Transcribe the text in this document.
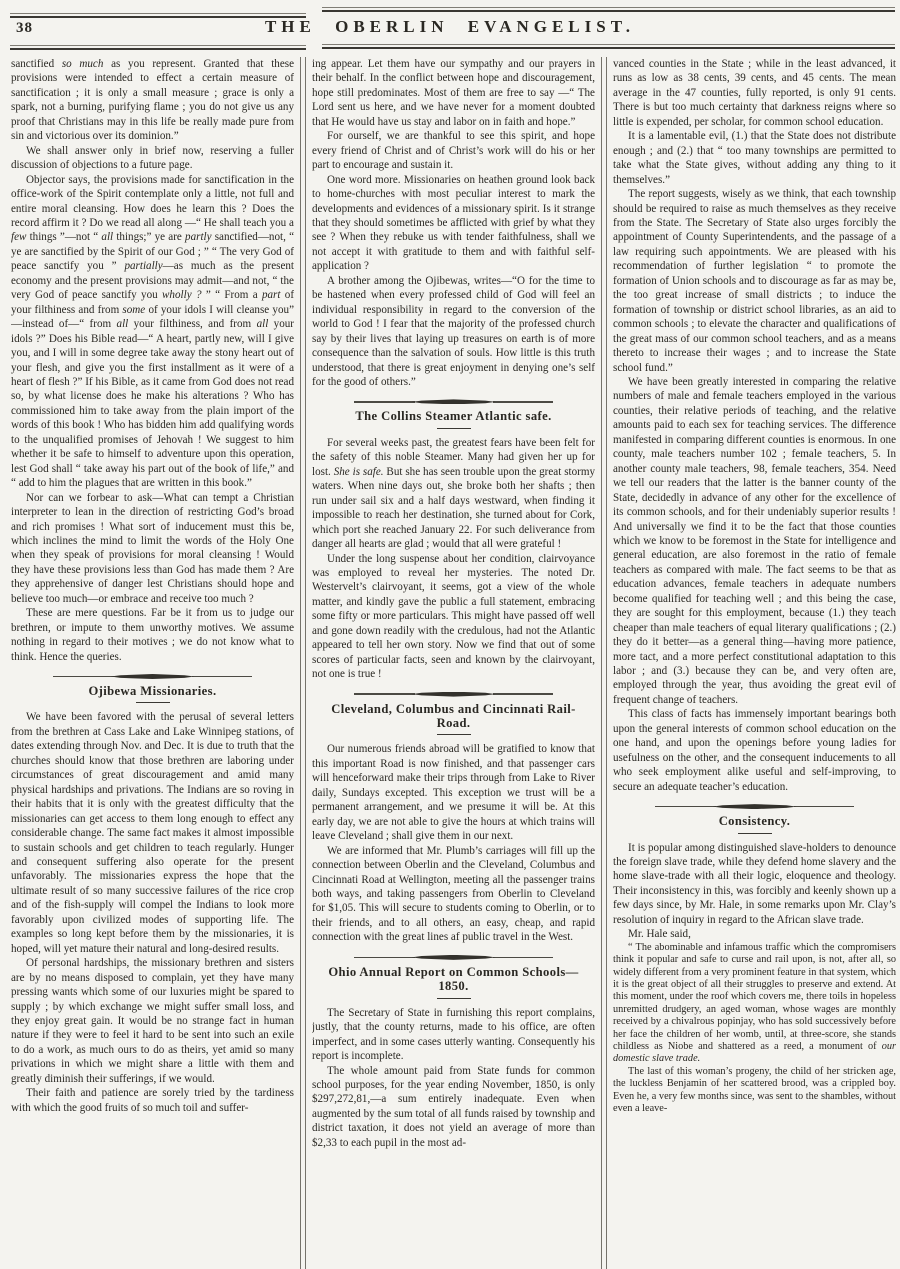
38	THE OBERLIN EVANGELIST.

sanctified so much as you represent. Granted that these provisions were intended to effect a certain measure of sanctification ; it is only a small measure ; grace is only a spark, not a burning, purifying flame ; you do not give us any proof that Christians may in this life be really made pure from sin and victorious over its dominion.”

We shall answer only in brief now, reserving a fuller discussion of objections to a future page.

Objector says, the provisions made for sanctification in the office-work of the Spirit contemplate only a little, not full and entire moral cleansing. How does he learn this ? Does the record affirm it ? Do we read all along —“ He shall teach you a few things ”—not “ all things;” ye are partly sanctified—not, “ ye are sanctified by the Spirit of our God ; ” “ The very God of peace sanctify you ” partially—as much as the present economy and the present provisions may admit—and not, “ the very God of peace sanctify you wholly ? ” “ From a part of your filthiness and from some of your idols I will cleanse you” —instead of—“ from all your filthiness, and from all your idols ?” Does his Bible read—“ A heart, partly new, will I give you, and I will in some degree take away the stony heart out of your flesh, and give you the first installment as it were of a heart of flesh ?” If his Bible, as it came from God does not read so, by what license does he make his alterations ? Who has commissioned him to take away from the plain import of the words of this book ! Who has bidden him add qualifying words to the unqualified promises of Jehovah ! We suggest to him whether it be safe to himself to adventure upon this operation, lest God shall “ take away his part out of the book of life,” and “ add to him the plagues that are written in this book.”

Nor can we forbear to ask—What can tempt a Christian interpreter to lean in the direction of restricting God’s broad and rich promises ! What sort of inducement must this be, which inclines the mind to limit the words of the Holy One when they speak of provisions for moral cleansing ! Would they have these provisions less than God has made them ? Are they apprehensive of danger lest Christians should hope and believe too much—or embrace and receive too much ?

These are mere questions. Far be it from us to judge our brethren, or impute to them unworthy motives. We assume nothing in regard to their motives ; we do not know what to think. Hence the queries.

Ojibewa Missionaries.

We have been favored with the perusal of several letters from the brethren at Cass Lake and Lake Winnipeg stations, of dates extending through Nov. and Dec. It is due to truth that the churches should know that those brethren are laboring under circumstances of great discouragement and amid many physical hardships and privations. The Indians are so roving in their habits that it is only with the greatest difficulty that the missionaries can get access to them long enough to effect any considerable change. The same fact makes it almost impossible to sustain schools and get children to teach regularly. Hunger and consequent suffering also operate for the present unfavorably. The missionaries express the hope that the ultimate result of so many successive failures of the rice crop and of the fish-supply will compel the Indians to look more favorably upon civilized modes of supporting life. The examples so long kept before them by the missionaries, it is hoped, will yet mature their natural and long-desired results.

Of personal hardships, the missionary brethren and sisters are by no means disposed to complain, yet they have many pressing wants which some of our luxuries might be spared to supply ; by which exchange we might suffer small loss, and they enjoy great gain. It would be no strange fact in human nature if they were to feel it hard to be sent into such an exile to do a work, as much ours to do as theirs, yet amid so many privations in which we might share a little with them and greatly diminish their sufferings, if we would.

Their faith and patience are sorely tried by the tardiness with which the good fruits of so much toil and suffer-

ing appear. Let them have our sympathy and our prayers in their behalf. In the conflict between hope and discouragement, hope still predominates. Most of them are free to say —“ The Lord sent us here, and we have never for a moment doubted that He would have us stay and labor on in faith and hope.”

For ourself, we are thankful to see this spirit, and hope every friend of Christ and of Christ’s work will do his or her part to encourage and sustain it.

One word more. Missionaries on heathen ground look back to home-churches with most peculiar interest to mark the developments and evidences of a missionary spirit. Is it strange that they should sometimes be afflicted with grief by what they see ? When they rebuke us with tender faithfulness, shall we not accept it with gratitude to them and with faithful self-application ?

A brother among the Ojibewas, writes—“O for the time to be hastened when every professed child of God will feel an individual responsibility in regard to the conversion of the world to God ! I fear that the majority of the professed church say by their lives that laying up treasures on earth is of more consequence than the salvation of souls. How little is this truth understood, that there is great enjoyment in denying one’s self for the good of others.”

The Collins Steamer Atlantic safe.

For several weeks past, the greatest fears have been felt for the safety of this noble Steamer. Many had given her up for lost. She is safe. But she has seen trouble upon the great stormy waters. When nine days out, she broke both her shafts ; then run under sail six and a half days westward, when finding it impossible to reach her destination, she turned about for Cork, which port she reached January 22. For such deliverance from danger all hearts are glad ; would that all were grateful !

Under the long suspense about her condition, clairvoyance was employed to reveal her mysteries. The noted Dr. Westervelt’s clairvoyant, it seems, got a view of the whole matter, and kindly gave the public a full statement, embracing some fifty or more particulars. This might have passed off well and gone down readily with the credulous, had not the Atlantic appeared to tell her own story. Now we find that out of some scores of particular facts, seen and known by the clairvoyant, not one is true !

Cleveland, Columbus and Cincinnati Rail-Road.

Our numerous friends abroad will be gratified to know that this important Road is now finished, and that passenger cars will henceforward make their trips through from Lake to River daily, Sundays excepted. This exception we trust will be a permanent arrangement, and we presume it will be. At this early day, we are not able to give the hours at which trains will leave Cleveland ; shall give them in our next.

We are informed that Mr. Plumb’s carriages will fill up the connection between Oberlin and the Cleveland, Columbus and Cincinnati Road at Wellington, meeting all the passenger trains both ways, and taking passengers from Oberlin to Cleveland for $1,05. This will secure to students coming to Oberlin, or to their friends, and to all others, an easy, cheap, and rapid connection with the great lines af public travel in the West.

Ohio Annual Report on Common Schools—1850.

The Secretary of State in furnishing this report complains, justly, that the county returns, made to his office, are often imperfect, and in some cases utterly wanting. Consequently his report is incomplete.

The whole amount paid from State funds for common school purposes, for the year ending November, 1850, is only $297,272,81,—a sum entirely inadequate. Even when augmented by the sum total of all funds raised by township and district taxation, it does not yield an average of more than $2,33 to each pupil in the most ad-

vanced counties in the State ; while in the least advanced, it runs as low as 38 cents, 39 cents, and 45 cents. The mean average in the 47 counties, fully reported, is only 91 cents. There is but too much certainty that darkness reigns where so little is expended, per scholar, for common school education.

It is a lamentable evil, (1.) that the State does not distribute enough ; and (2.) that “ too many townships are permitted to take what the State gives, without adding any thing to it themselves.”

The report suggests, wisely as we think, that each township should be required to raise as much themselves as they receive from the State. The Secretary of State also urges forcibly the appointment of County Superintendents, and the passage of a law requiring such appointments. We are pleased with his recommendation of further legislation “ to promote the formation of Union schools and to discourage as far as may be, the too great increase of small districts ; to induce the formation of township or district school libraries, as an aid to common schools ; to elevate the character and qualifications of the great mass of our common school teachers, and as a means thereto to increase their wages ; and to increase the State school fund.”

We have been greatly interested in comparing the relative numbers of male and female teachers employed in the various counties, their relative periods of teaching, and the relative amounts paid to each sex for teaching services. The difference manifested in comparing different counties is enormous. In one county, male teachers number 102 ; female teachers, 5. In another county male teachers, 98, female teachers, 354. Need we tell our readers that the latter is the banner county of the State, decidedly in advance of any other for the excellence of its common schools, and for their undeniably superior results ! And universally we find it to be the fact that those counties which we know to be foremost in the State for intelligence and general education, are also foremost in the ratio of female teachers as compared with male. The fact seems to be that as education advances, female teachers in adequate numbers become qualified for teaching well ; and this being the case, they are sought for this employment, because (1.) they teach cheaper than male teachers of equal literary qualifications ; (2.) they do it better—as a general thing—having more patience, more tact, and a more perfect constitutional adaptation to this labor ; and (3.) because they can be, and very often are, employed through the year, thus avoiding the great evil of frequent change of teachers.

This class of facts has immensely important bearings both upon the general interests of common school education on the one hand, and upon the openings before young ladies for usefulness on the other, and the consequent inducements to all who seek employment alike useful and self-improving, to secure an adequate teacher’s education.

Consistency.

It is popular among distinguished slave-holders to denounce the foreign slave trade, while they defend home slavery and the home slave-trade with all their logic, eloquence and theology. Their inconsistency in this, was forcibly and keenly shown up a few days since, by Mr. Hale, in some remarks upon Mr. Clay’s resolution of inquiry in regard to the African slave trade.

Mr. Hale said,

“ The abominable and infamous traffic which the compromisers think it popular and safe to curse and rail upon, is not, after all, so widely different from a very prominent feature in that system, which it is the great object of all their struggles to preserve and extend. At this moment, under the roof which covers me, there toils in hopeless unremitted drudgery, an aged woman, whose wages are monthly received by a chivalrous popinjay, who has sold successively before her face the children of her womb, until, at three-score, she stands childless as Niobe and shattered as a reed, a monument of our domestic slave trade.

The last of this woman’s progeny, the child of her stricken age, the luckless Benjamin of her scattered brood, was a crippled boy. Even he, a very few months since, was sent to the shambles, without even a leave-
